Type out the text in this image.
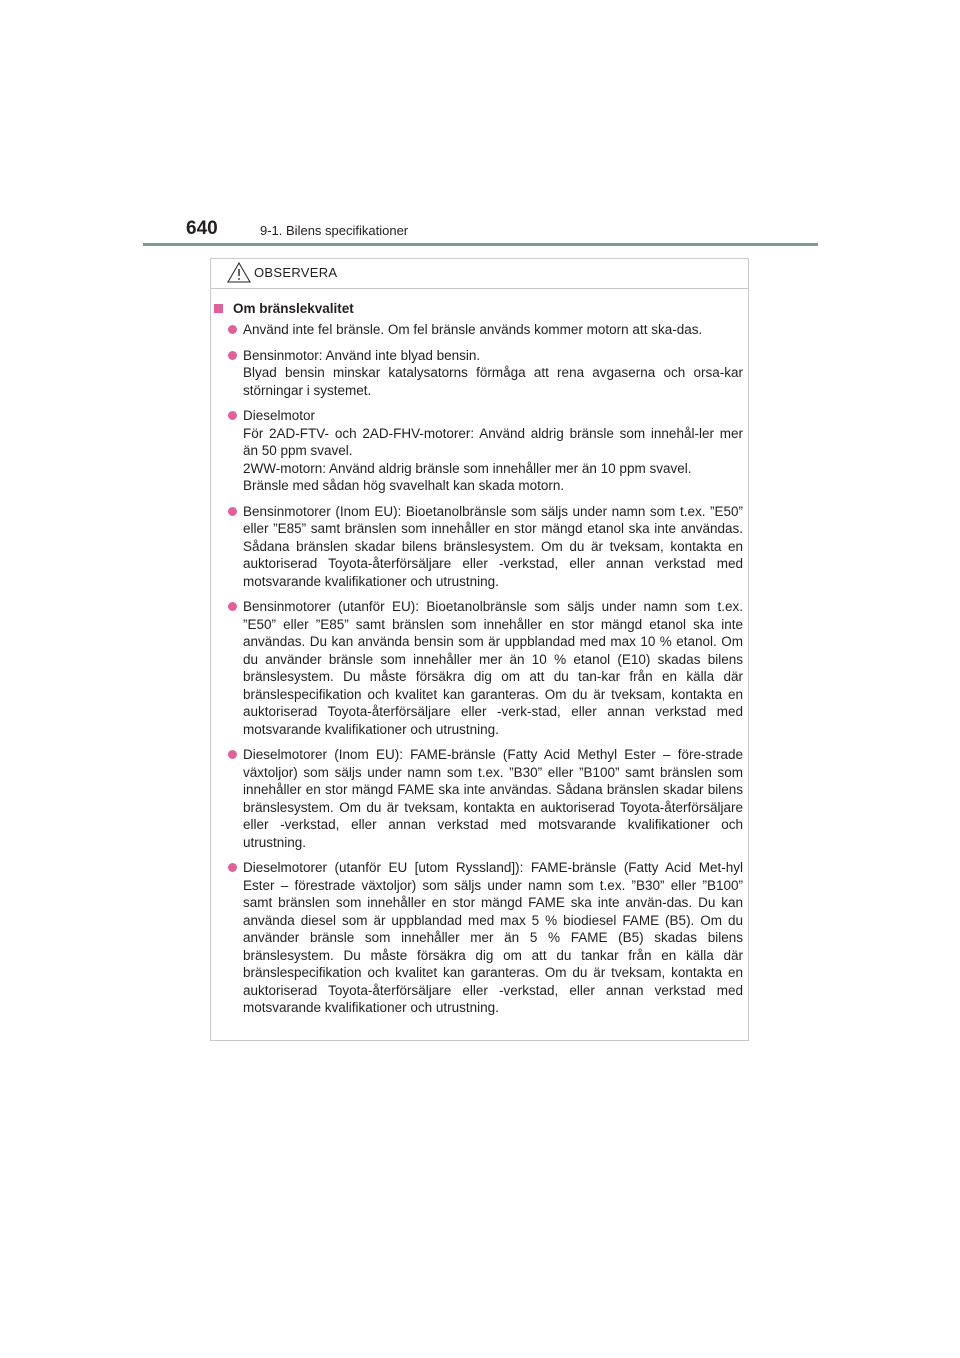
640	9-1. Bilens specifikationer
OBSERVERA
Om bränslekvalitet
Använd inte fel bränsle. Om fel bränsle används kommer motorn att ska-das.
Bensinmotor: Använd inte blyad bensin.
Blyad bensin minskar katalysatorns förmåga att rena avgaserna och orsa-kar störningar i systemet.
Dieselmotor
För 2AD-FTV- och 2AD-FHV-motorer: Använd aldrig bränsle som innehål-ler mer än 50 ppm svavel.
2WW-motorn: Använd aldrig bränsle som innehåller mer än 10 ppm svavel.
Bränsle med sådan hög svavelhalt kan skada motorn.
Bensinmotorer (Inom EU): Bioetanolbränsle som säljs under namn som t.ex. ”E50” eller ”E85” samt bränslen som innehåller en stor mängd etanol ska inte användas. Sådana bränslen skadar bilens bränslesystem. Om du är tveksam, kontakta en auktoriserad Toyota-återförsäljare eller -verkstad, eller annan verkstad med motsvarande kvalifikationer och utrustning.
Bensinmotorer (utanför EU): Bioetanolbränsle som säljs under namn som t.ex. ”E50” eller ”E85” samt bränslen som innehåller en stor mängd etanol ska inte användas. Du kan använda bensin som är uppblandad med max 10 % etanol. Om du använder bränsle som innehåller mer än 10 % etanol (E10) skadas bilens bränslesystem. Du måste försäkra dig om att du tan-kar från en källa där bränslespecifikation och kvalitet kan garanteras. Om du är tveksam, kontakta en auktoriserad Toyota-återförsäljare eller -verk-stad, eller annan verkstad med motsvarande kvalifikationer och utrustning.
Dieselmotorer (Inom EU): FAME-bränsle (Fatty Acid Methyl Ester – före-strade växtoljor) som säljs under namn som t.ex. ”B30” eller ”B100” samt bränslen som innehåller en stor mängd FAME ska inte användas. Sådana bränslen skadar bilens bränslesystem. Om du är tveksam, kontakta en auktoriserad Toyota-återförsäljare eller -verkstad, eller annan verkstad med motsvarande kvalifikationer och utrustning.
Dieselmotorer (utanför EU [utom Ryssland]): FAME-bränsle (Fatty Acid Met-hyl Ester – förestrade växtoljor) som säljs under namn som t.ex. ”B30” eller ”B100” samt bränslen som innehåller en stor mängd FAME ska inte använ-das. Du kan använda diesel som är uppblandad med max 5 % biodiesel FAME (B5). Om du använder bränsle som innehåller mer än 5 % FAME (B5) skadas bilens bränslesystem. Du måste försäkra dig om att du tankar från en källa där bränslespecifikation och kvalitet kan garanteras. Om du är tveksam, kontakta en auktoriserad Toyota-återförsäljare eller -verkstad, eller annan verkstad med motsvarande kvalifikationer och utrustning.
